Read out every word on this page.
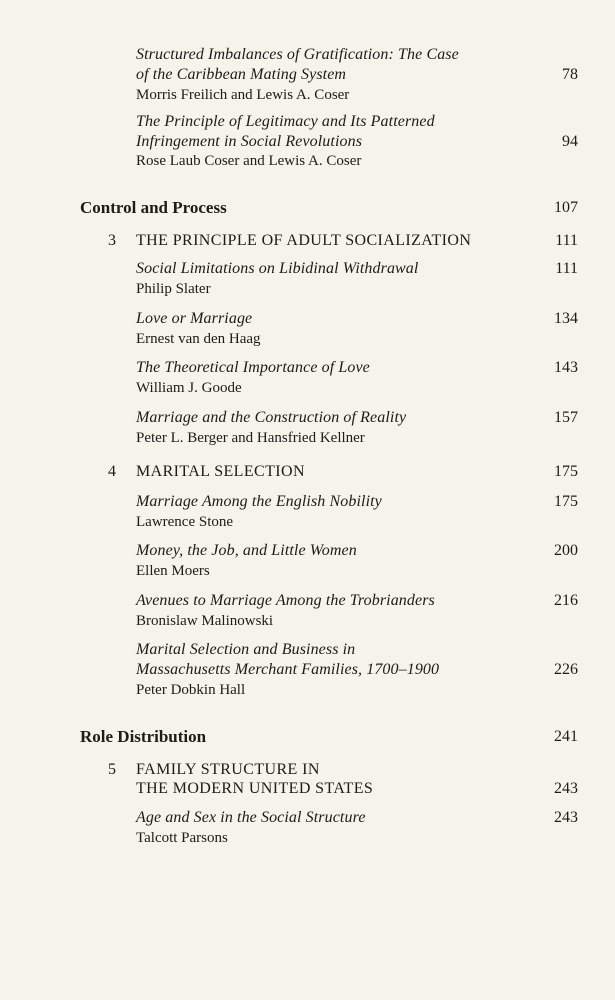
Structured Imbalances of Gratification: The Case
of the Caribbean Mating System	78
Morris Freilich and Lewis A. Coser
The Principle of Legitimacy and Its Patterned
Infringement in Social Revolutions	94
Rose Laub Coser and Lewis A. Coser
Control and Process	107
3 THE PRINCIPLE OF ADULT SOCIALIZATION	111
Social Limitations on Libidinal Withdrawal	111
Philip Slater
Love or Marriage	134
Ernest van den Haag
The Theoretical Importance of Love	143
William J. Goode
Marriage and the Construction of Reality	157
Peter L. Berger and Hansfried Kellner
4 MARITAL SELECTION	175
Marriage Among the English Nobility	175
Lawrence Stone
Money, the Job, and Little Women	200
Ellen Moers
Avenues to Marriage Among the Trobrianders	216
Bronislaw Malinowski
Marital Selection and Business in
Massachusetts Merchant Families, 1700–1900	226
Peter Dobkin Hall
Role Distribution	241
5 FAMILY STRUCTURE IN
THE MODERN UNITED STATES	243
Age and Sex in the Social Structure	243
Talcott Parsons
